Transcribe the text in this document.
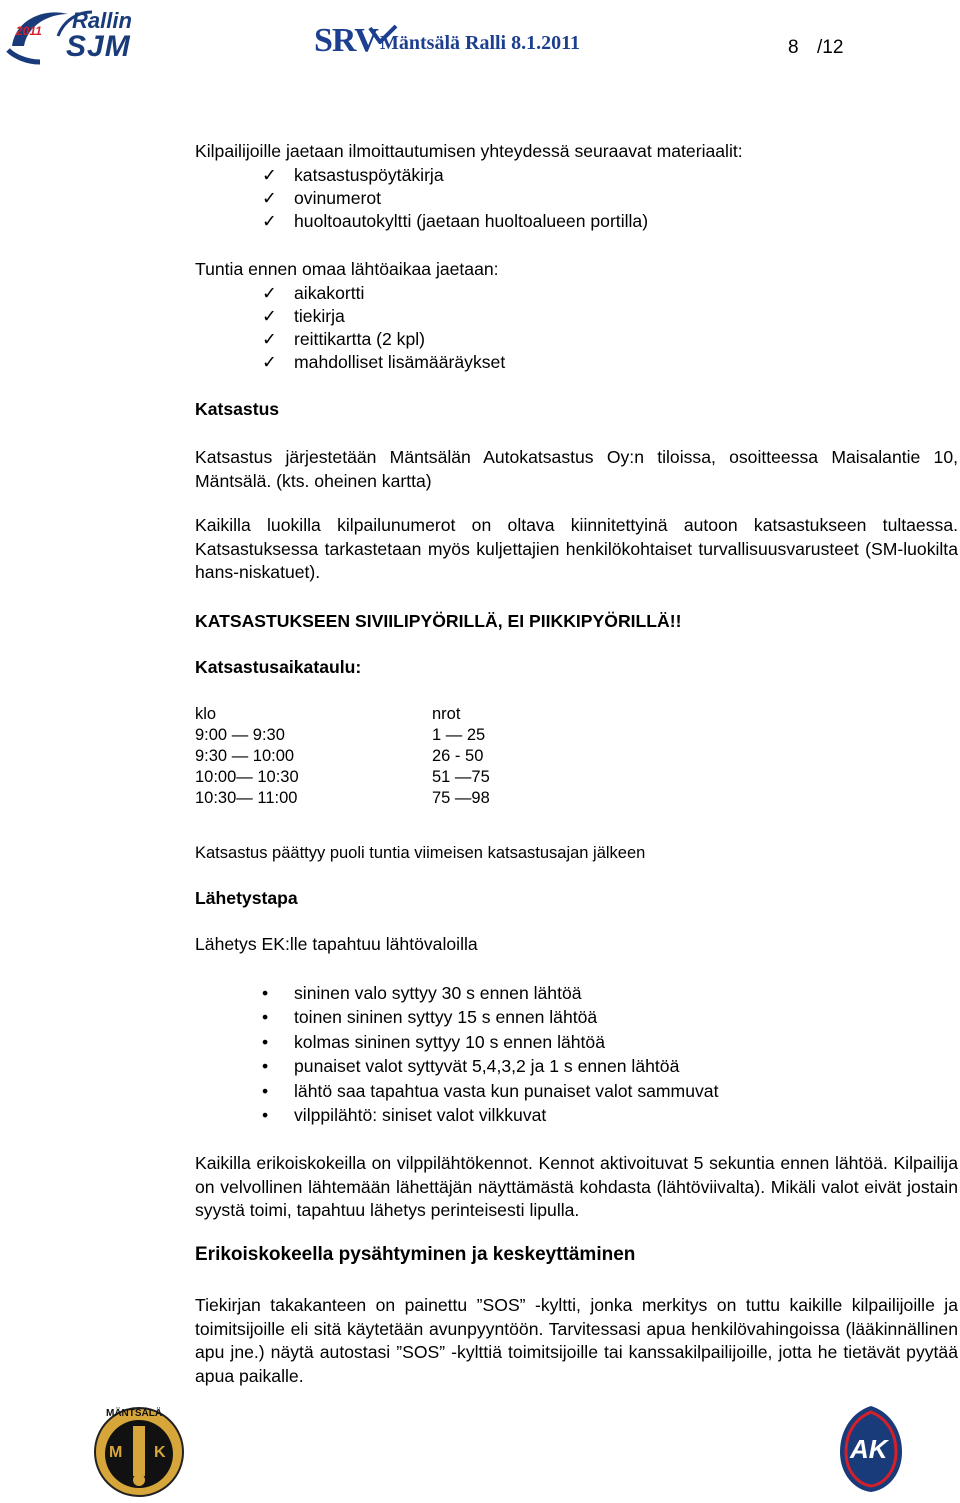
2011 Rallin
SJM	SRV Mäntsälä Ralli 8.1.2011	8 /12
Kilpailijoille jaetaan ilmoittautumisen yhteydessä seuraavat materiaalit:
✓ katsastuspöytäkirja
✓ ovinumerot
✓ huoltoautokyltti (jaetaan huoltoalueen portilla)
Tuntia ennen omaa lähtöaikaa jaetaan:
✓ aikakortti
✓ tiekirja
✓ reittikartta (2 kpl)
✓ mahdolliset lisämääräykset
Katsastus

Katsastus järjestetään Mäntsälän Autokatsastus Oy:n tiloissa, osoitteessa Maisalantie 10, Mäntsälä. (kts. oheinen kartta)

Kaikilla luokilla kilpailunumerot on oltava kiinnitettyinä autoon katsastukseen tultaessa. Katsastuksessa tarkastetaan myös kuljettajien henkilökohtaiset turvallisuusvarusteet (SM-luokilta hans-niskatuet).

KATSASTUKSEEN SIVIILIPYÖRILLÄ, EI PIIKKIPYÖRILLÄ!!
Katsastusaikataulu:
klo	nrot
9:00 — 9:30	1 — 25
9:30 — 10:00	26 - 50
10:00— 10:30	51 —75
10:30— 11:00	75 —98
Katsastus päättyy puoli tuntia viimeisen katsastusajan jälkeen
Lähetystapa
Lähetys EK:lle tapahtuu lähtövaloilla
• sininen valo syttyy 30 s ennen lähtöä
• toinen sininen syttyy 15 s ennen lähtöä
• kolmas sininen syttyy 10 s ennen lähtöä
• punaiset valot syttyvät 5,4,3,2 ja 1 s ennen lähtöä
• lähtö saa tapahtua vasta kun punaiset valot sammuvat
• vilppilähtö: siniset valot vilkkuvat

Kaikilla erikoiskokeilla on vilppilähtökennot. Kennot aktivoituvat 5 sekuntia ennen lähtöä. Kilpailija on velvollinen lähtemään lähettäjän näyttämästä kohdasta (lähtöviivalta). Mikäli valot eivät jostain syystä toimi, tapahtuu lähetys perinteisesti lipulla.

Erikoiskokeella pysähtyminen ja keskeyttäminen

Tiekirjan takakanteen on painettu ”SOS” -kyltti, jonka merkitys on tuttu kaikille kilpailijoille ja toimitsijoille eli sitä käytetään avunpyyntöön. Tarvitessasi apua henkilövahingoissa (lääkinnällinen apu jne.) näytä autostasi ”SOS” -kylttiä toimitsijoille tai kanssakilpailijoille, jotta he tietävät pyytää apua paikalle.

MÄNTSÄLÄ
M K	AK
